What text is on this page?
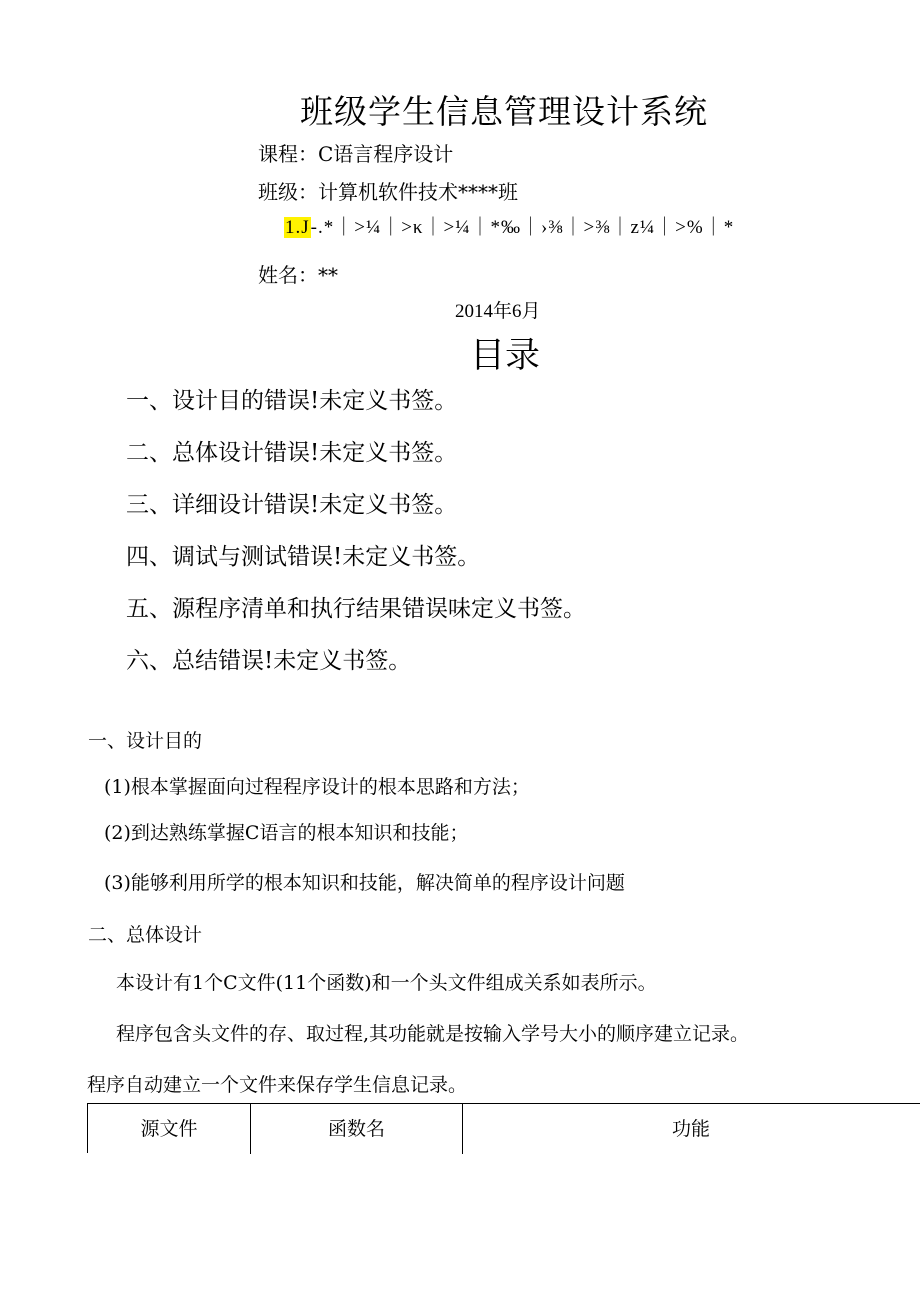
班级学生信息管理设计系统
课程：C语言程序设计
班级：计算机软件技术****班
1.J-.*｜>¼｜>κ｜>¼｜*‰｜›⅜｜>⅜｜z¼｜>%｜*
姓名：**
2014年6月
目录
一、设计目的错误!未定义书签。
二、总体设计错误!未定义书签。
三、详细设计错误!未定义书签。
四、调试与测试错误!未定义书签。
五、源程序清单和执行结果错误味定义书签。
六、总结错误!未定义书签。
一、设计目的
(1)根本掌握面向过程程序设计的根本思路和方法；
(2)到达熟练掌握C语言的根本知识和技能；
(3)能够利用所学的根本知识和技能，解决简单的程序设计问题
二、总体设计
本设计有1个C文件(11个函数)和一个头文件组成关系如表所示。
程序包含头文件的存、取过程,其功能就是按输入学号大小的顺序建立记录。
程序自动建立一个文件来保存学生信息记录。
源文件	函数名	功能
